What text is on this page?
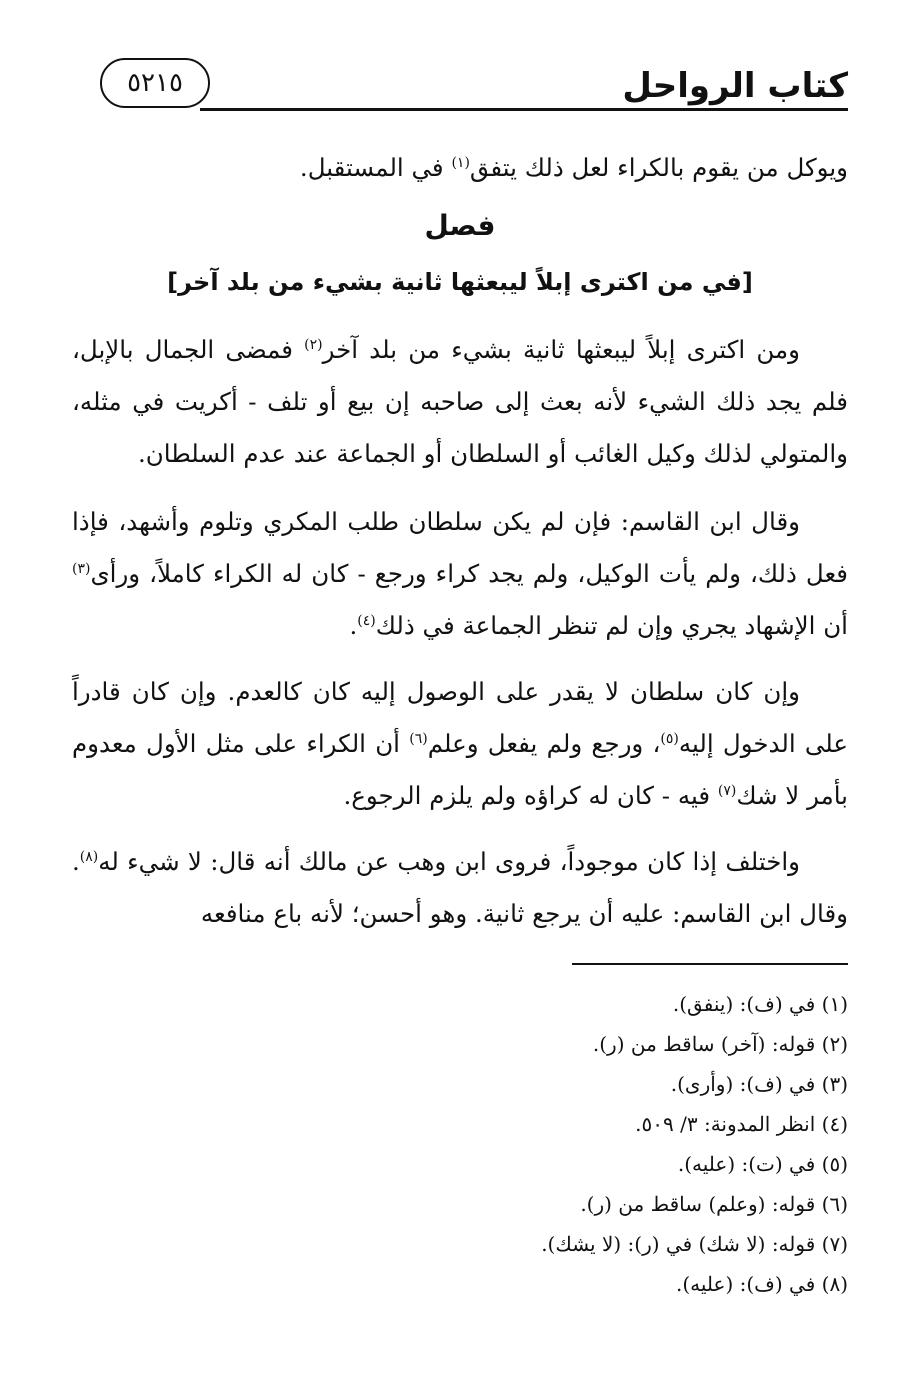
كتاب الرواحل
٥٢١٥

ويوكل من يقوم بالكراء لعل ذلك يتفق$^{(١)}$ في المستقبل.

فصل
[في من اكترى إبلاً ليبعثها ثانية بشيء من بلد آخر]

ومن اكترى إبلاً ليبعثها ثانية بشيء من بلد آخر$^{(٢)}$ فمضى الجمال بالإبل، فلم يجد ذلك الشيء لأنه بعث إلى صاحبه إن بيع أو تلف - أكريت في مثله، والمتولي لذلك وكيل الغائب أو السلطان أو الجماعة عند عدم السلطان.

وقال ابن القاسم: فإن لم يكن سلطان طلب المكري وتلوم وأشهد، فإذا فعل ذلك، ولم يأت الوكيل، ولم يجد كراء ورجع - كان له الكراء كاملاً، ورأى$^{(٣)}$ أن الإشهاد يجري وإن لم تنظر الجماعة في ذلك$^{(٤)}$.

وإن كان سلطان لا يقدر على الوصول إليه كان كالعدم. وإن كان قادراً على الدخول إليه$^{(٥)}$، ورجع ولم يفعل وعلم$^{(٦)}$ أن الكراء على مثل الأول معدوم بأمر لا شك$^{(٧)}$ فيه - كان له كراؤه ولم يلزم الرجوع.

واختلف إذا كان موجوداً، فروى ابن وهب عن مالك أنه قال: لا شيء له$^{(٨)}$. وقال ابن القاسم: عليه أن يرجع ثانية. وهو أحسن؛ لأنه باع منافعه

(١) في (ف): (ينفق).
(٢) قوله: (آخر) ساقط من (ر).
(٣) في (ف): (وأرى).
(٤) انظر المدونة: ٣/ ٥٠٩.
(٥) في (ت): (عليه).
(٦) قوله: (وعلم) ساقط من (ر).
(٧) قوله: (لا شك) في (ر): (لا يشك).
(٨) في (ف): (عليه).
